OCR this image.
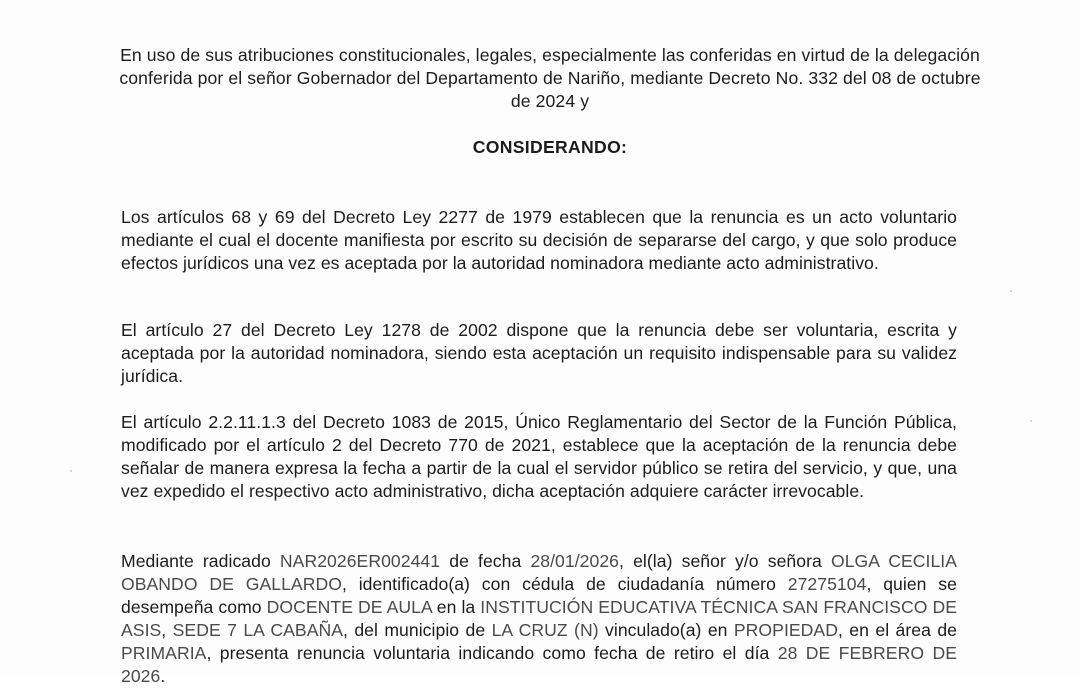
En uso de sus atribuciones constitucionales, legales, especialmente las conferidas en virtud de la delegación conferida por el señor Gobernador del Departamento de Nariño, mediante Decreto No. 332 del 08 de octubre de 2024 y
CONSIDERANDO:
Los artículos 68 y 69 del Decreto Ley 2277 de 1979 establecen que la renuncia es un acto voluntario mediante el cual el docente manifiesta por escrito su decisión de separarse del cargo, y que solo produce efectos jurídicos una vez es aceptada por la autoridad nominadora mediante acto administrativo.
El artículo 27 del Decreto Ley 1278 de 2002 dispone que la renuncia debe ser voluntaria, escrita y aceptada por la autoridad nominadora, siendo esta aceptación un requisito indispensable para su validez jurídica.
El artículo 2.2.11.1.3 del Decreto 1083 de 2015, Único Reglamentario del Sector de la Función Pública, modificado por el artículo 2 del Decreto 770 de 2021, establece que la aceptación de la renuncia debe señalar de manera expresa la fecha a partir de la cual el servidor público se retira del servicio, y que, una vez expedido el respectivo acto administrativo, dicha aceptación adquiere carácter irrevocable.
Mediante radicado NAR2026ER002441 de fecha 28/01/2026, el(la) señor y/o señora OLGA CECILIA OBANDO DE GALLARDO, identificado(a) con cédula de ciudadanía número 27275104, quien se desempeña como DOCENTE DE AULA en la INSTITUCIÓN EDUCATIVA TÉCNICA SAN FRANCISCO DE ASIS, SEDE 7 LA CABAÑA, del municipio de LA CRUZ (N) vinculado(a) en PROPIEDAD, en el área de PRIMARIA, presenta renuncia voluntaria indicando como fecha de retiro el día 28 DE FEBRERO DE 2026.
